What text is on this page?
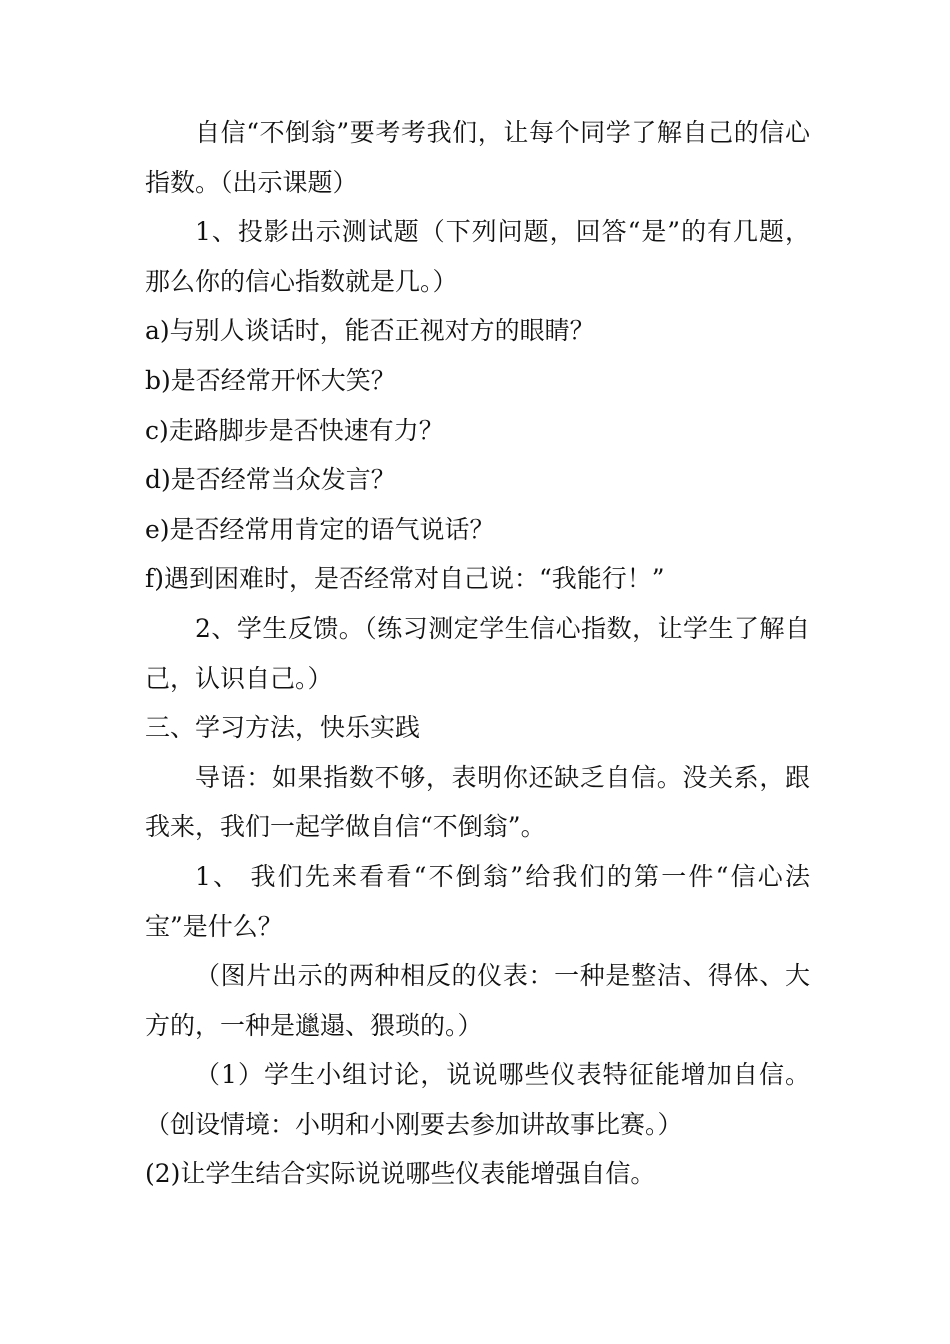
自信“不倒翁”要考考我们，让每个同学了解自己的信心指数。（出示课题）

1、投影出示测试题（下列问题，回答“是”的有几题，那么你的信心指数就是几。）

a)与别人谈话时，能否正视对方的眼睛？

b)是否经常开怀大笑？

c)走路脚步是否快速有力？

d)是否经常当众发言？

e)是否经常用肯定的语气说话？

f)遇到困难时，是否经常对自己说：“我能行！”

2、学生反馈。（练习测定学生信心指数，让学生了解自己，认识自己。）

三、学习方法，快乐实践

导语：如果指数不够，表明你还缺乏自信。没关系，跟我来，我们一起学做自信“不倒翁”。

1、 我们先来看看“不倒翁”给我们的第一件“信心法宝”是什么？

（图片出示的两种相反的仪表：一种是整洁、得体、大方的，一种是邋遢、猥琐的。）

（1）学生小组讨论，说说哪些仪表特征能增加自信。（创设情境：小明和小刚要去参加讲故事比赛。）

(2)让学生结合实际说说哪些仪表能增强自信。
